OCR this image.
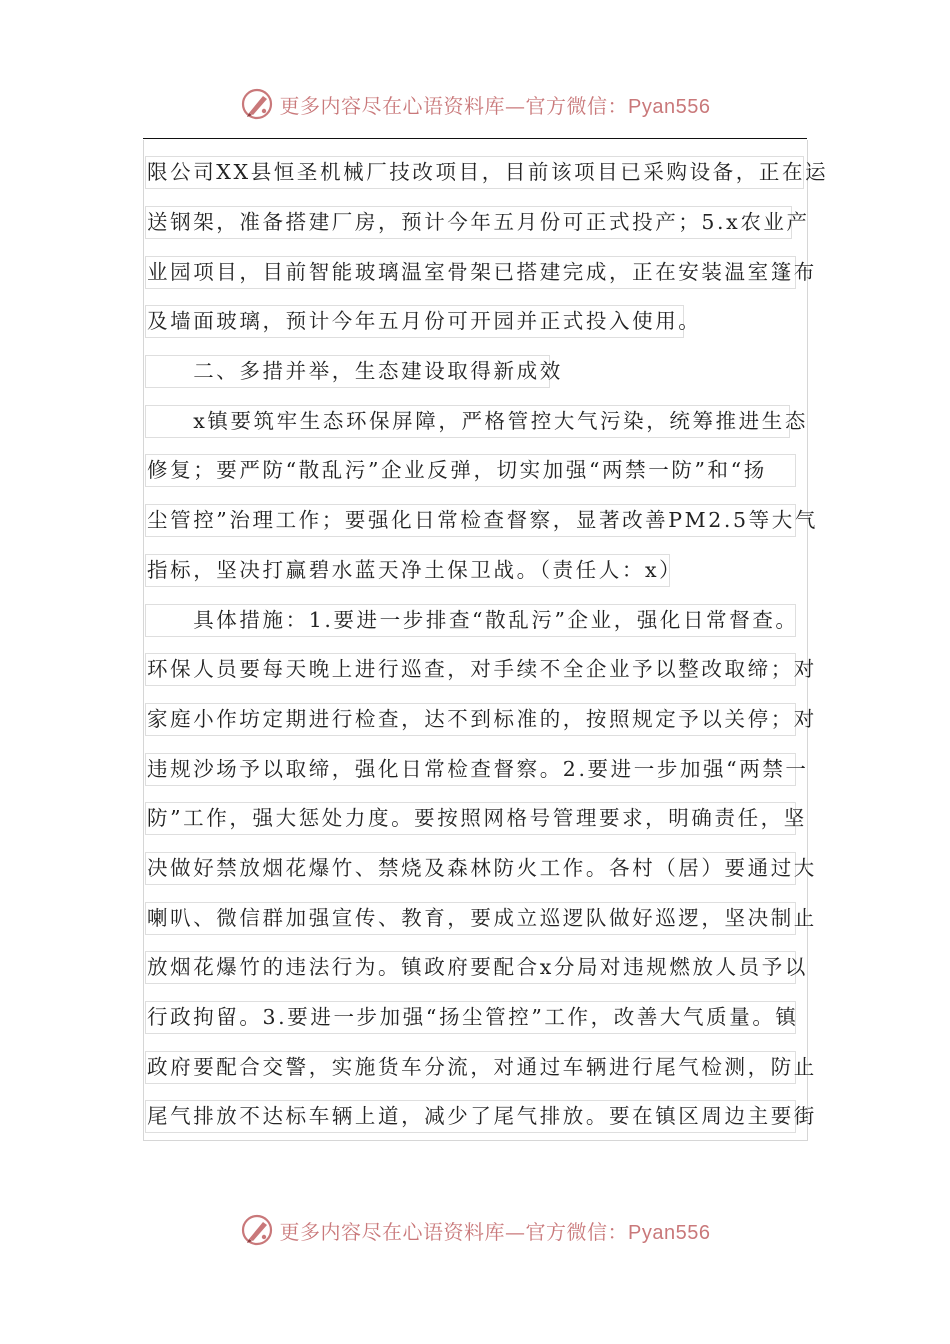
更多内容尽在心语资料库—官方微信：Pyan556
限公司XX县恒圣机械厂技改项目，目前该项目已采购设备，正在运
送钢架，准备搭建厂房，预计今年五月份可正式投产；5.x农业产
业园项目，目前智能玻璃温室骨架已搭建完成，正在安装温室篷布
及墙面玻璃，预计今年五月份可开园并正式投入使用。
　　二、多措并举，生态建设取得新成效
　　x镇要筑牢生态环保屏障，严格管控大气污染，统筹推进生态
修复；要严防“散乱污”企业反弹，切实加强“两禁一防”和“扬
尘管控”治理工作；要强化日常检查督察，显著改善PM2.5等大气
指标，坚决打赢碧水蓝天净土保卫战。（责任人：x）
　　具体措施：1.要进一步排查“散乱污”企业，强化日常督查。
环保人员要每天晚上进行巡查，对手续不全企业予以整改取缔；对
家庭小作坊定期进行检查，达不到标准的，按照规定予以关停；对
违规沙场予以取缔，强化日常检查督察。2.要进一步加强“两禁一
防”工作，强大惩处力度。要按照网格号管理要求，明确责任，坚
决做好禁放烟花爆竹、禁烧及森林防火工作。各村（居）要通过大
喇叭、微信群加强宣传、教育，要成立巡逻队做好巡逻，坚决制止
放烟花爆竹的违法行为。镇政府要配合x分局对违规燃放人员予以
行政拘留。3.要进一步加强“扬尘管控”工作，改善大气质量。镇
政府要配合交警，实施货车分流，对通过车辆进行尾气检测，防止
尾气排放不达标车辆上道，减少了尾气排放。要在镇区周边主要街
更多内容尽在心语资料库—官方微信：Pyan556
